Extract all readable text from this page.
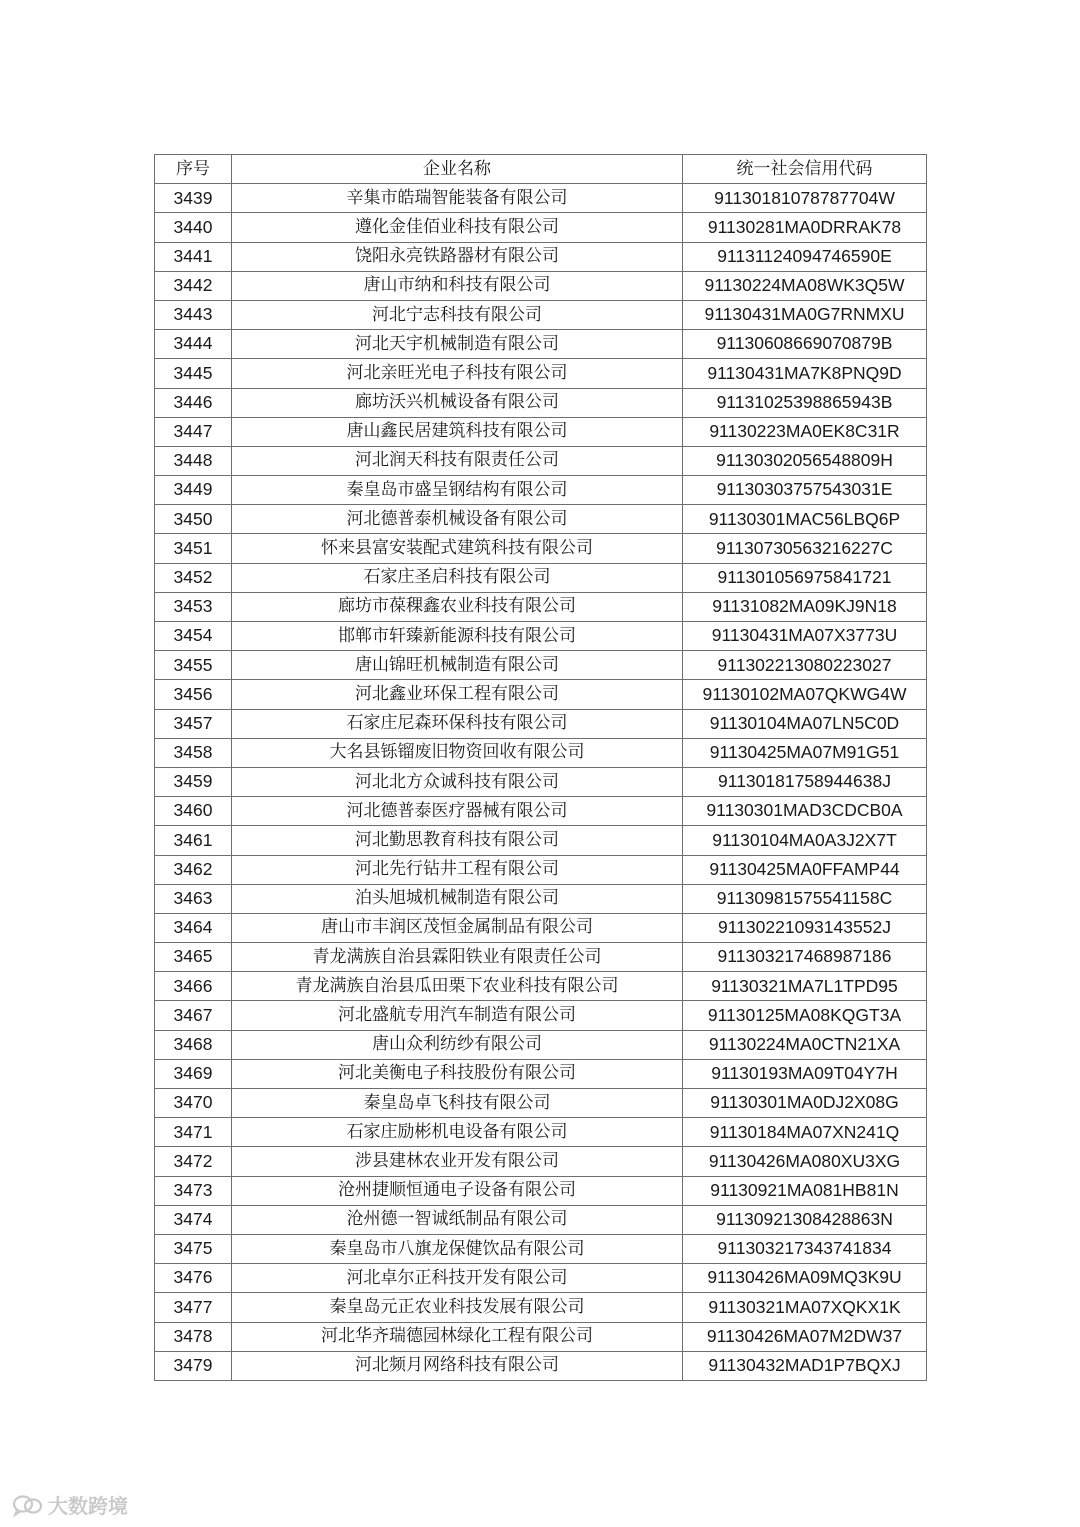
序号	企业名称	统一社会信用代码
3439	辛集市皓瑞智能装备有限公司	91130181078787704W
3440	遵化金佳佰业科技有限公司	91130281MA0DRRAK78
3441	饶阳永亮铁路器材有限公司	91131124094746590E
3442	唐山市纳和科技有限公司	91130224MA08WK3Q5W
3443	河北宁志科技有限公司	91130431MA0G7RNMXU
3444	河北天宇机械制造有限公司	91130608669070879B
3445	河北亲旺光电子科技有限公司	91130431MA7K8PNQ9D
3446	廊坊沃兴机械设备有限公司	91131025398865943B
3447	唐山鑫民居建筑科技有限公司	91130223MA0EK8C31R
3448	河北润天科技有限责任公司	91130302056548809H
3449	秦皇岛市盛呈钢结构有限公司	91130303757543031E
3450	河北德普泰机械设备有限公司	91130301MAC56LBQ6P
3451	怀来县富安装配式建筑科技有限公司	91130730563216227C
3452	石家庄圣启科技有限公司	911301056975841721
3453	廊坊市葆稞鑫农业科技有限公司	91131082MA09KJ9N18
3454	邯郸市轩臻新能源科技有限公司	91130431MA07X3773U
3455	唐山锦旺机械制造有限公司	911302213080223027
3456	河北鑫业环保工程有限公司	91130102MA07QKWG4W
3457	石家庄尼森环保科技有限公司	91130104MA07LN5C0D
3458	大名县铄镏废旧物资回收有限公司	91130425MA07M91G51
3459	河北北方众诚科技有限公司	91130181758944638J
3460	河北德普泰医疗器械有限公司	91130301MAD3CDCB0A
3461	河北勤思教育科技有限公司	91130104MA0A3J2X7T
3462	河北先行钻井工程有限公司	91130425MA0FFAMP44
3463	泊头旭城机械制造有限公司	91130981575541158C
3464	唐山市丰润区茂恒金属制品有限公司	91130221093143552J
3465	青龙满族自治县霖阳铁业有限责任公司	911303217468987186
3466	青龙满族自治县瓜田栗下农业科技有限公司	91130321MA7L1TPD95
3467	河北盛航专用汽车制造有限公司	91130125MA08KQGT3A
3468	唐山众利纺纱有限公司	91130224MA0CTN21XA
3469	河北美衡电子科技股份有限公司	91130193MA09T04Y7H
3470	秦皇岛卓飞科技有限公司	91130301MA0DJ2X08G
3471	石家庄励彬机电设备有限公司	91130184MA07XN241Q
3472	涉县建林农业开发有限公司	91130426MA080XU3XG
3473	沧州捷顺恒通电子设备有限公司	91130921MA081HB81N
3474	沧州德一智诚纸制品有限公司	91130921308428863N
3475	秦皇岛市八旗龙保健饮品有限公司	911303217343741834
3476	河北卓尔正科技开发有限公司	91130426MA09MQ3K9U
3477	秦皇岛元正农业科技发展有限公司	91130321MA07XQKX1K
3478	河北华齐瑞德园林绿化工程有限公司	91130426MA07M2DW37
3479	河北频月网络科技有限公司	91130432MAD1P7BQXJ
大数跨境
